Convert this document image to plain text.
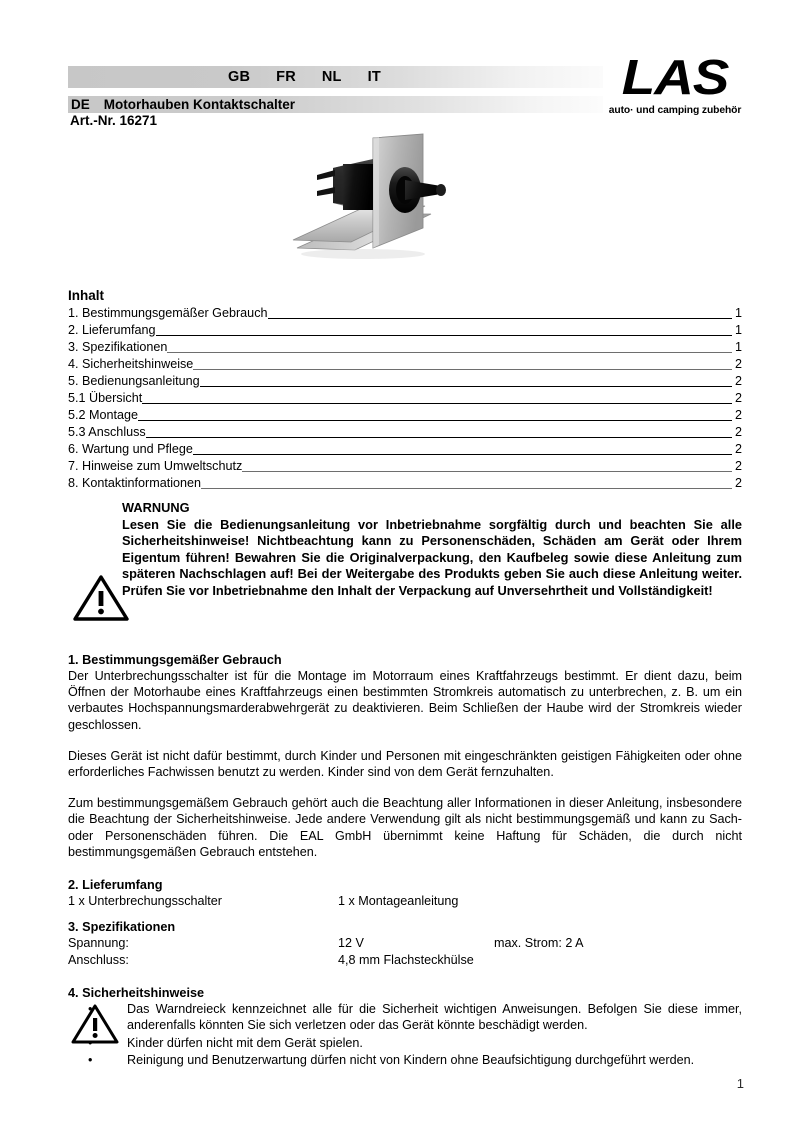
GB FR NL IT
DE Motorhauben Kontaktschalter
Art.-Nr. 16271
LAS
auto· und camping zubehör
Inhalt
1. Bestimmungsgemäßer Gebrauch	1
2. Lieferumfang	1
3. Spezifikationen	1
4. Sicherheitshinweise	2
5. Bedienungsanleitung	2
5.1 Übersicht	2
5.2 Montage	2
5.3 Anschluss	2
6. Wartung und Pflege	2
7. Hinweise zum Umweltschutz	2
8. Kontaktinformationen	2
WARNUNG
Lesen Sie die Bedienungsanleitung vor Inbetriebnahme sorgfältig durch und beachten Sie alle Sicherheitshinweise! Nichtbeachtung kann zu Personenschäden, Schäden am Gerät oder Ihrem Eigentum führen! Bewahren Sie die Originalverpackung, den Kaufbeleg sowie diese Anleitung zum späteren Nachschlagen auf! Bei der Weitergabe des Produkts geben Sie auch diese Anleitung weiter. Prüfen Sie vor Inbetriebnahme den Inhalt der Verpackung auf Unversehrtheit und Vollständigkeit!
1. Bestimmungsgemäßer Gebrauch

Der Unterbrechungsschalter ist für die Montage im Motorraum eines Kraftfahrzeugs bestimmt. Er dient dazu, beim Öffnen der Motorhaube eines Kraftfahrzeugs einen bestimmten Stromkreis automatisch zu unterbrechen, z. B. um ein verbautes Hochspannungsmarderabwehrgerät zu deaktivieren. Beim Schließen der Haube wird der Stromkreis wieder geschlossen.

Dieses Gerät ist nicht dafür bestimmt, durch Kinder und Personen mit eingeschränkten geistigen Fähigkeiten oder ohne erforderliches Fachwissen benutzt zu werden. Kinder sind von dem Gerät fernzuhalten.

Zum bestimmungsgemäßem Gebrauch gehört auch die Beachtung aller Informationen in dieser Anleitung, insbesondere die Beachtung der Sicherheitshinweise. Jede andere Verwendung gilt als nicht bestimmungsgemäß und kann zu Sach- oder Personenschäden führen. Die EAL GmbH übernimmt keine Haftung für Schäden, die durch nicht bestimmungsgemäßen Gebrauch entstehen.

2. Lieferumfang
1 x Unterbrechungsschalter	1 x Montageanleitung
3. Spezifikationen
Spannung:	12 V	max. Strom: 2 A
Anschluss:	4,8 mm Flachsteckhülse
4. Sicherheitshinweise
•	Das Warndreieck kennzeichnet alle für die Sicherheit wichtigen Anweisungen. Befolgen Sie diese immer, anderenfalls könnten Sie sich verletzen oder das Gerät könnte beschädigt werden.
•	Kinder dürfen nicht mit dem Gerät spielen.
•	Reinigung und Benutzerwartung dürfen nicht von Kindern ohne Beaufsichtigung durchgeführt werden.
1
